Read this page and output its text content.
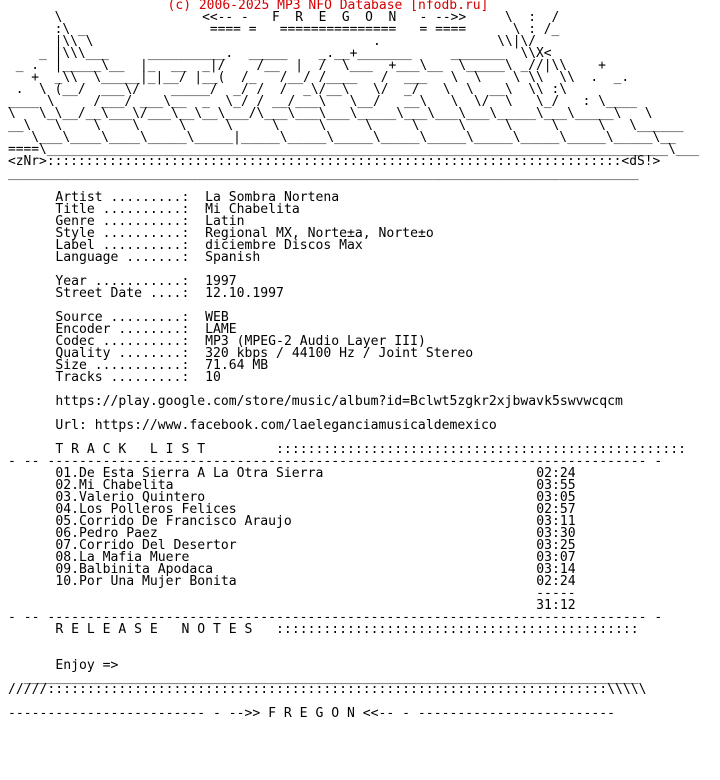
(c) 2006-2025 MP3 NFO Database [nfodb.ru]
\                  <<-- -   F  R  E  G  O  N   - -->>     \  :  /
:\ _                ==== =   ===============   = ====      \ : /_
|\\ \                                    .               \\|\/
_ |\\\___     __________.  _____    _.__+_______     _______  \\X<
_ .  |_____\__  |_  __  _|/    /__  |  /  \___  +___\__  \_____\ _//|\\    +
+  _\\  \_____|_|__/ |__(  /_   /__/ /____   /  ___   \  \    \ \\  \\  .  _.
.  \ (__/  ___\/    _____/  _/ /  /  _\/__\   \/  _/   \  \  __\  \\ :\
____ \     /___/ ___\__  _  \_/ / __/___\   \__/   __\   \  \/  \   \_/   : \____
\   \_\__/__\___\/___\__\__\___/\___\___\___\_____\___\___\___\_____\___\_____\   \
__\   \    \    \     \     \     \     \     \     \     \     \     \     \   \______
\___\____\____\_____\_____|_____\_____\_____\_____\_____\_____\_____\_____\_____\__
====\________________________________________________________________________________\___
<zNr>::::::::::::::::::::::::::::::::::::::::::::::::::::::::::::::::::::::::::<dS!>
________________________________________________________________________________

Artist .........: La Sombra Nortena
Title ..........: Mi Chabelita
Genre ..........: Latin
Style ..........: Regional MX, Norte±a, Norte±o
Label ..........: diciembre Discos Max
Language .......: Spanish

Year ...........: 1997
Street Date ....: 12.10.1997

Source .........: WEB
Encoder ........: LAME
Codec ..........: MP3 (MPEG-2 Audio Layer III)
Quality ........: 320 kbps / 44100 Hz / Joint Stereo
Size ...........: 71.64 MB
Tracks .........: 10

https://play.google.com/store/music/album?id=Bclwt5zgkr2xjbwavk5swvwcqcm

Url: https://www.facebook.com/laeleganciamusicaldemexico

T R A C K   L I S T	::::::::::::::::::::::::::::::::::::::::::::::::::::
- -- ---------------------------------------------------------------------------- -
01.De Esta Sierra A La Otra Sierra	02:24
02.Mi Chabelita	03:55
03.Valerio Quintero	03:05
04.Los Polleros Felices	02:57
05.Corrido De Francisco Araujo	03:11
06.Pedro Paez	03:30
07.Corrido Del Desertor	03:25
08.La Mafia Muere	03:07
09.Balbinita Apodaca	03:14
10.Por Una Mujer Bonita	02:24
-----
31:12
- -- ---------------------------------------------------------------------------- -
R E L E A S E   N O T E S ::::::::::::::::::::::::::::::::::::::::::::::

Enjoy =>
______________________________________________________________________________
/////:::::::::::::::::::::::::::::::::::::::::::::::::::::::::::::::::::::::\\\\\

------------------------- - -->> F R E G O N <<-- - -------------------------
